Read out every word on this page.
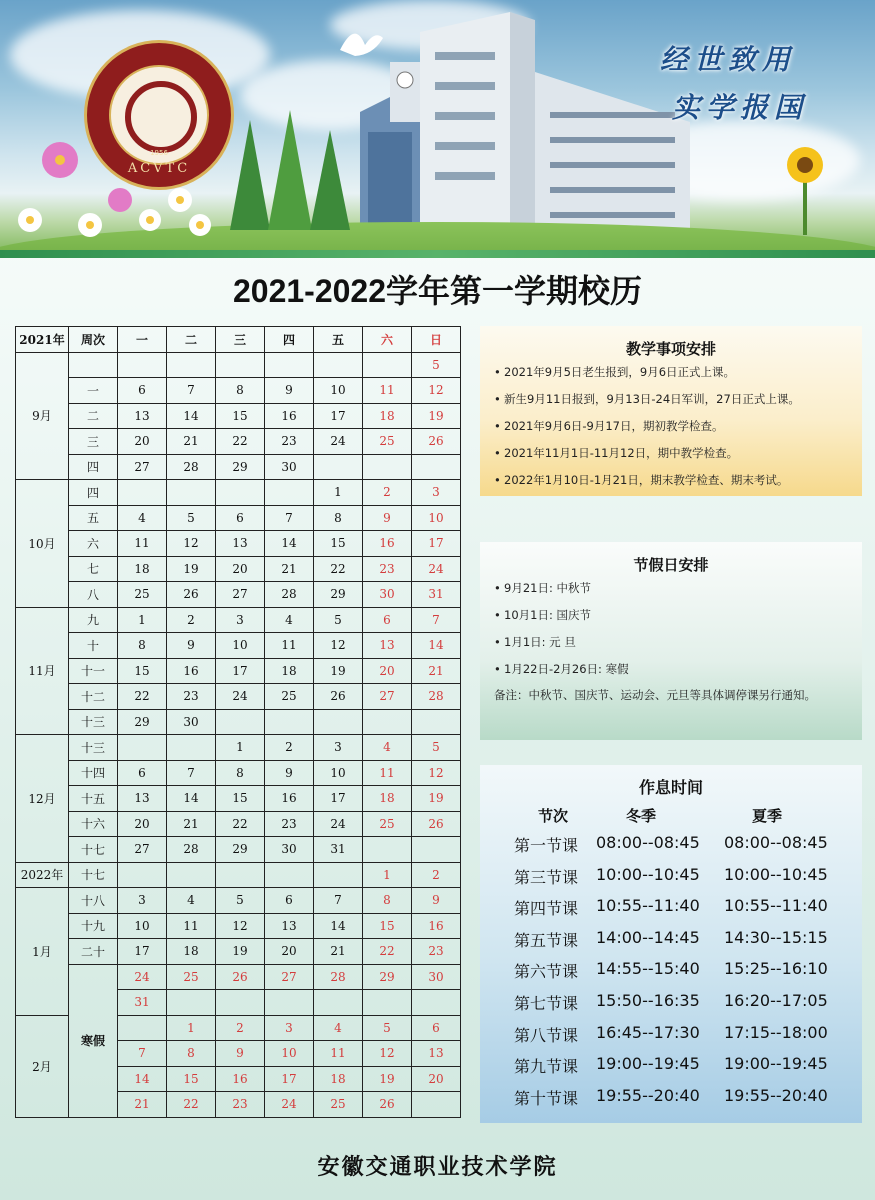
1956
ACVTC
经世致用
实学报国
2021-2022学年第一学期校历
2021年	周次	一	二	三	四	五	六	日
9月								5
	一	6	7	8	9	10	11	12
	二	13	14	15	16	17	18	19
	三	20	21	22	23	24	25	26
	四	27	28	29	30			
10月	四					1	2	3
	五	4	5	6	7	8	9	10
	六	11	12	13	14	15	16	17
	七	18	19	20	21	22	23	24
	八	25	26	27	28	29	30	31
11月	九	1	2	3	4	5	6	7
	十	8	9	10	11	12	13	14
	十一	15	16	17	18	19	20	21
	十二	22	23	24	25	26	27	28
	十三	29	30					
12月	十三			1	2	3	4	5
	十四	6	7	8	9	10	11	12
	十五	13	14	15	16	17	18	19
	十六	20	21	22	23	24	25	26
	十七	27	28	29	30	31		
2022年	十七						1	2
1月	十八	3	4	5	6	7	8	9
	十九	10	11	12	13	14	15	16
	二十	17	18	19	20	21	22	23
	寒假	24	25	26	27	28	29	30
		31						
2月			1	2	3	4	5	6
		7	8	9	10	11	12	13
		14	15	16	17	18	19	20
		21	22	23	24	25	26	
教学事项安排
• 2021年9月5日老生报到，9月6日正式上课。
• 新生9月11日报到，9月13日-24日军训，27日正式上课。
• 2021年9月6日-9月17日，期初教学检查。
• 2021年11月1日-11月12日，期中教学检查。
• 2022年1月10日-1月21日，期末教学检查、期末考试。
节假日安排
• 9月21日: 中秋节
• 10月1日: 国庆节
• 1月1日: 元 旦
• 1月22日-2月26日: 寒假
备注：中秋节、国庆节、运动会、元旦等具体调停课另行通知。
作息时间
节次	冬季	夏季
第一节课 08:00--08:45 08:00--08:45
第三节课 10:00--10:45 10:00--10:45
第四节课 10:55--11:40 10:55--11:40
第五节课 14:00--14:45 14:30--15:15
第六节课 14:55--15:40 15:25--16:10
第七节课 15:50--16:35 16:20--17:05
第八节课 16:45--17:30 17:15--18:00
第九节课 19:00--19:45 19:00--19:45
第十节课 19:55--20:40 19:55--20:40
安徽交通职业技术学院
